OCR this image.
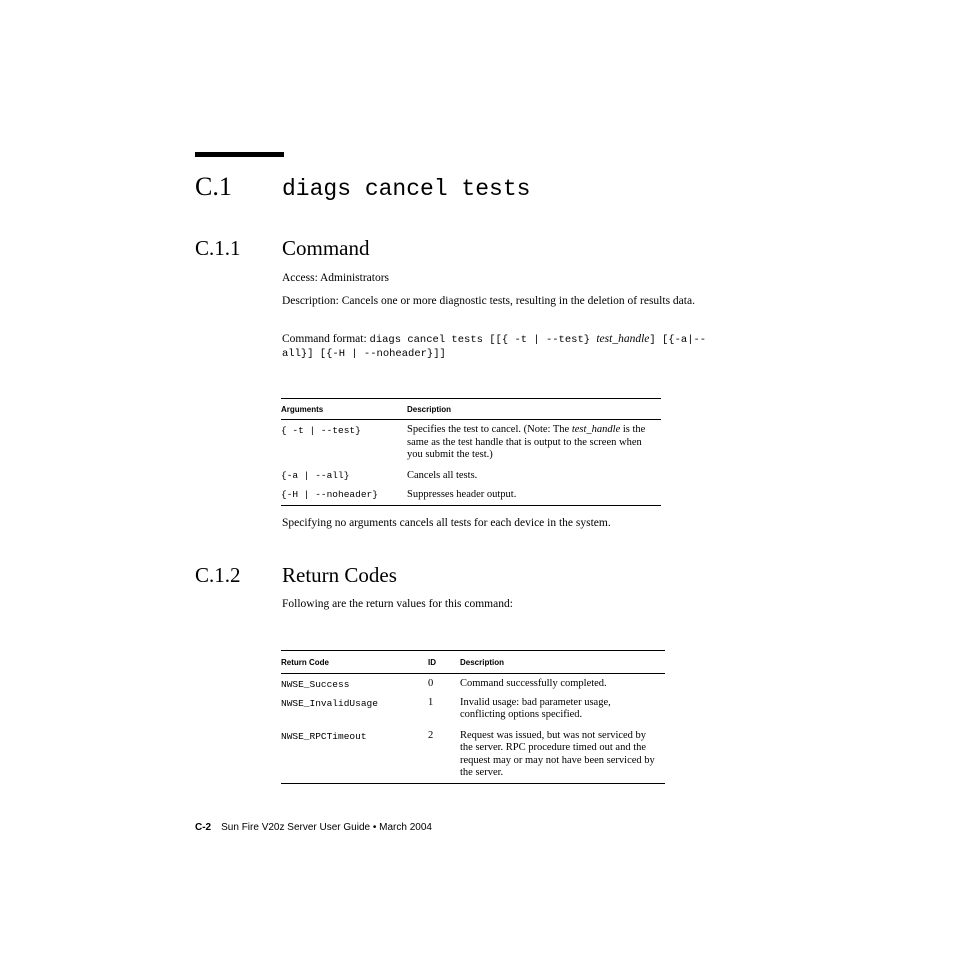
C.1 diags cancel tests
C.1.1 Command
Access: Administrators
Description: Cancels one or more diagnostic tests, resulting in the deletion of results data.
Command format: diags cancel tests [[{ -t | --test} test_handle] [{-a|--all}] [{-H | --noheader}]]
Arguments	Description
{ -t | --test}	Specifies the test to cancel. (Note: The test_handle is the same as the test handle that is output to the screen when you submit the test.)
{-a | --all}	Cancels all tests.
{-H | --noheader}	Suppresses header output.
Specifying no arguments cancels all tests for each device in the system.
C.1.2 Return Codes
Following are the return values for this command:
Return Code	ID	Description
NWSE_Success	0	Command successfully completed.
NWSE_InvalidUsage	1	Invalid usage: bad parameter usage, conflicting options specified.
NWSE_RPCTimeout	2	Request was issued, but was not serviced by the server. RPC procedure timed out and the request may or may not have been serviced by the server.
C-2 Sun Fire V20z Server User Guide • March 2004
